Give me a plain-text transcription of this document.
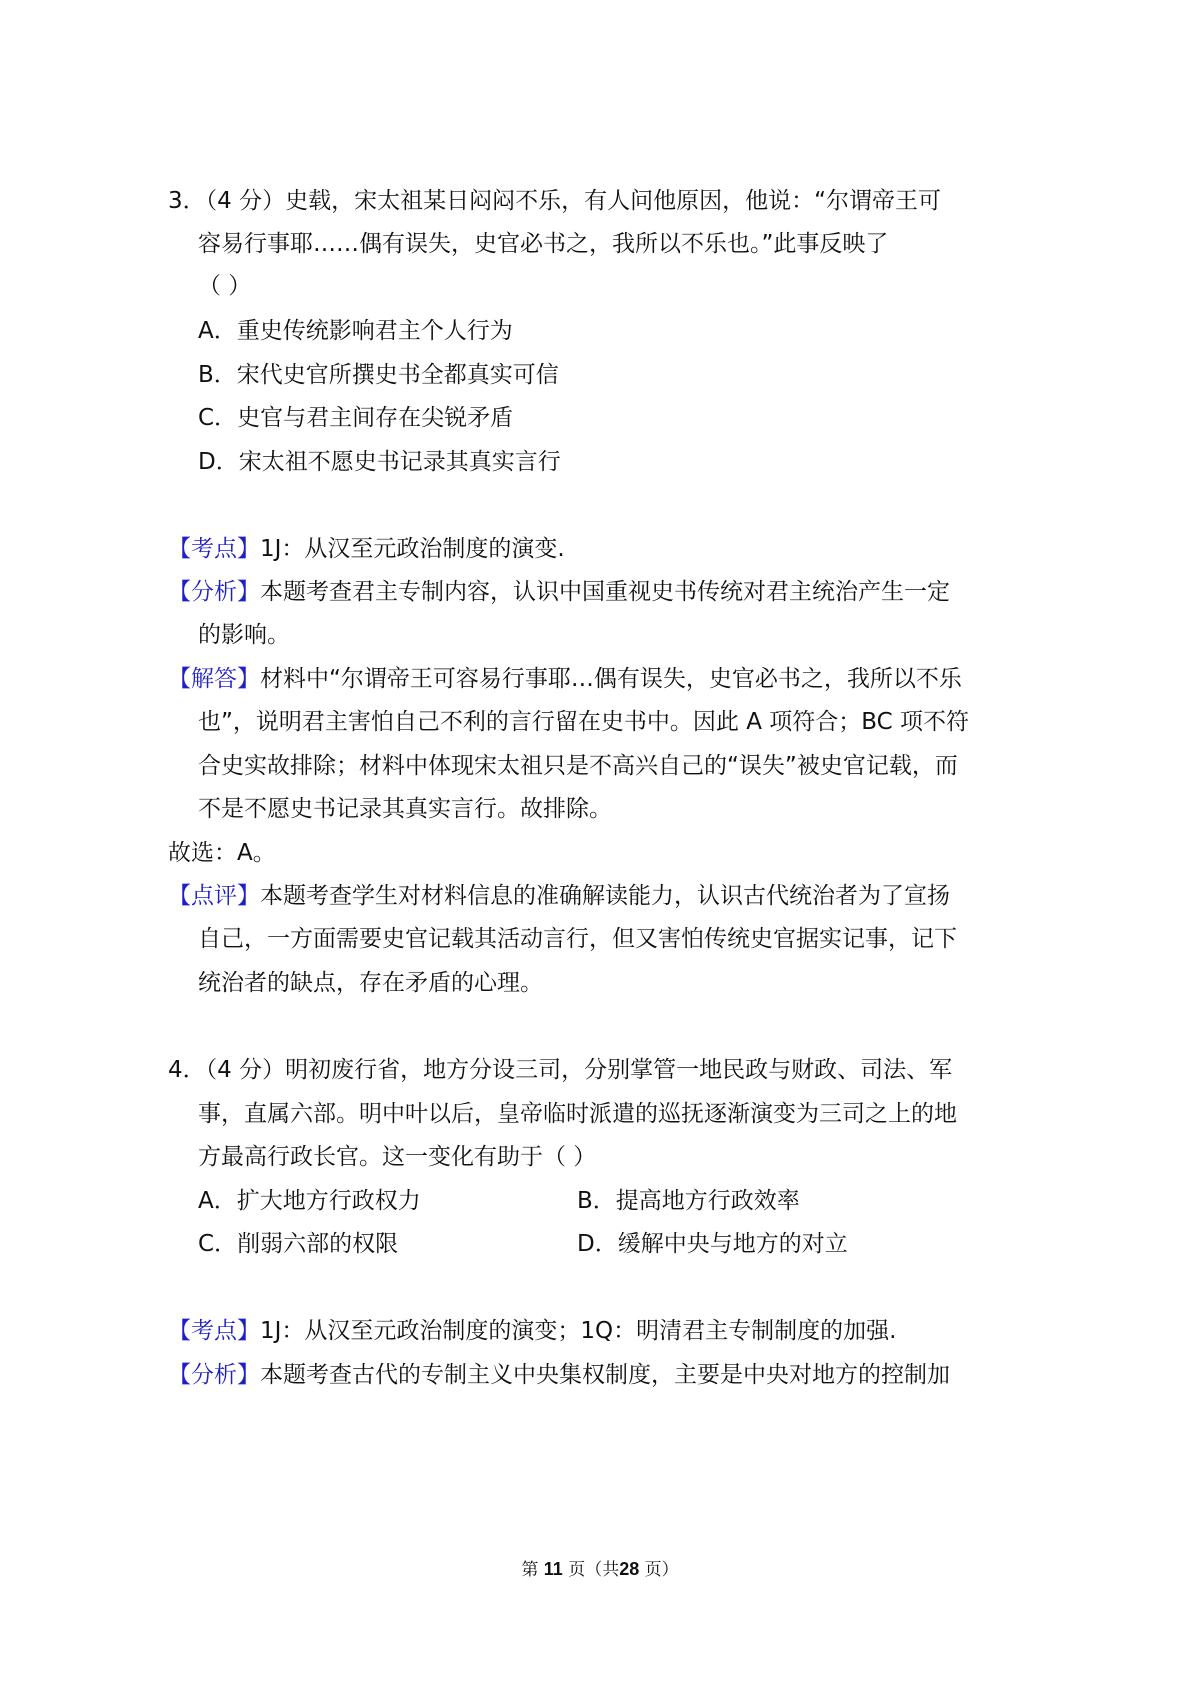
3．（4 分）史载，宋太祖某日闷闷不乐，有人问他原因，他说：“尔谓帝王可
容易行事耶……偶有误失，史官必书之，我所以不乐也。”此事反映了
（ ）
A．重史传统影响君主个人行为
B．宋代史官所撰史书全都真实可信
C．史官与君主间存在尖锐矛盾
D．宋太祖不愿史书记录其真实言行
【考点】1J：从汉至元政治制度的演变.
【分析】本题考查君主专制内容，认识中国重视史书传统对君主统治产生一定
的影响。
【解答】材料中“尔谓帝王可容易行事耶…偶有误失，史官必书之，我所以不乐
也”，说明君主害怕自己不利的言行留在史书中。因此 A 项符合；BC 项不符
合史实故排除；材料中体现宋太祖只是不高兴自己的“误失”被史官记载，而
不是不愿史书记录其真实言行。故排除。
故选：A。
【点评】本题考查学生对材料信息的准确解读能力，认识古代统治者为了宣扬
自己，一方面需要史官记载其活动言行，但又害怕传统史官据实记事，记下
统治者的缺点，存在矛盾的心理。
4．（4 分）明初废行省，地方分设三司，分别掌管一地民政与财政、司法、军
事，直属六部。明中叶以后，皇帝临时派遣的巡抚逐渐演变为三司之上的地
方最高行政长官。这一变化有助于（ ）
A．扩大地方行政权力	B．提高地方行政效率
C．削弱六部的权限	D．缓解中央与地方的对立
【考点】1J：从汉至元政治制度的演变；1Q：明清君主专制制度的加强.
【分析】本题考查古代的专制主义中央集权制度，主要是中央对地方的控制加
第 11 页（共28 页）
